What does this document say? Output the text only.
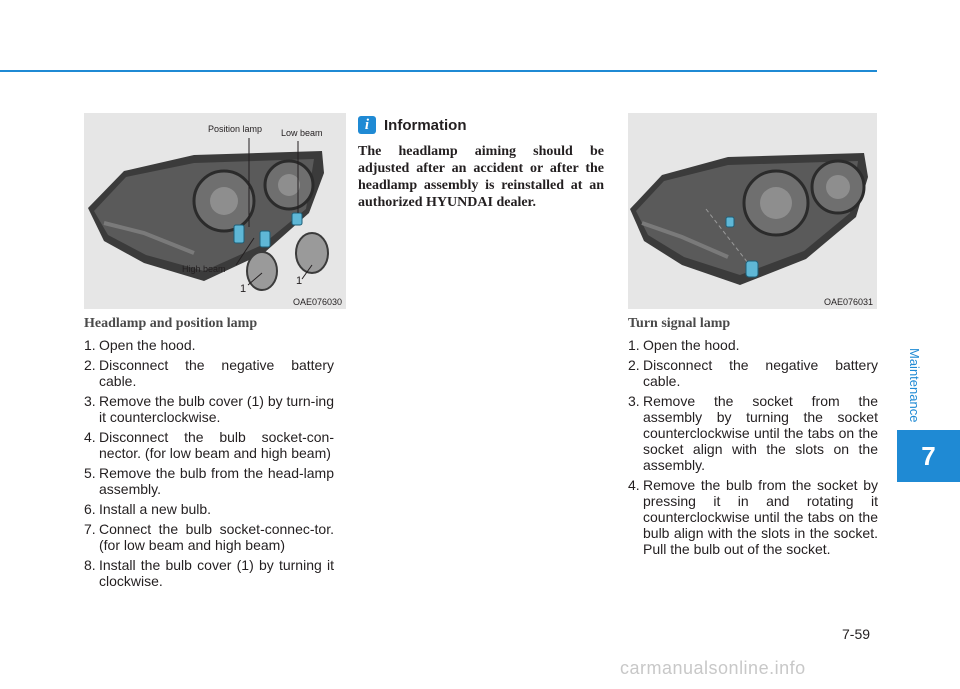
Maintenance
7
Position lamp Low beam
High beam
1
1
OAE076030	OAE076031
Headlamp and position lamp
1. Open the hood.
2. Disconnect the negative battery cable.
3. Remove the bulb cover (1) by turn-ing it counterclockwise.
4. Disconnect the bulb socket-con-nector. (for low beam and high beam)
5. Remove the bulb from the head-lamp assembly.
6. Install a new bulb.
7. Connect the bulb socket-connec-tor. (for low beam and high beam)
8. Install the bulb cover (1) by turning it clockwise.
i Information

The headlamp aiming should be adjusted after an accident or after the headlamp assembly is reinstalled at an authorized HYUNDAI dealer.

Turn signal lamp
1. Open the hood.
2. Disconnect the negative battery cable.
3. Remove the socket from the assembly by turning the socket counterclockwise until the tabs on the socket align with the slots on the assembly.
4. Remove the bulb from the socket by pressing it in and rotating it counterclockwise until the tabs on the bulb align with the slots in the socket. Pull the bulb out of the socket.
7-59
carmanualsonline.info
